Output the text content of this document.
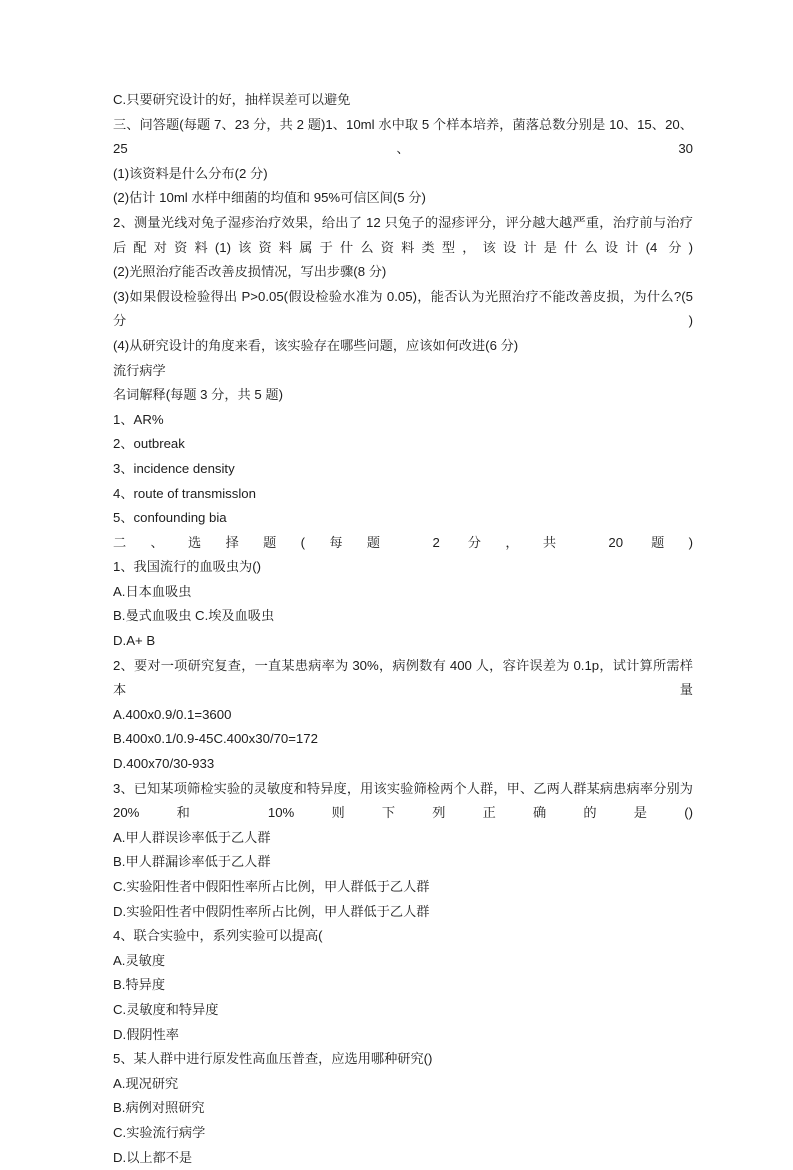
C.只要研究设计的好，抽样误差可以避免
三、问答题(每题 7、23 分，共 2 题)1、10ml 水中取 5 个样本培养，菌落总数分别是 10、15、20、25、30
(1)该资料是什么分布(2 分)
(2)估计 10ml 水样中细菌的均值和 95%可信区间(5 分)
2、测量光线对兔子湿疹治疗效果，给出了 12 只兔子的湿疹评分，评分越大越严重，治疗前与治疗后配对资料(1)该资料属于什么资料类型，该设计是什么设计(4 分)
(2)光照治疗能否改善皮损情况，写出步骤(8 分)
(3)如果假设检验得出 P>0.05(假设检验水准为 0.05)，能否认为光照治疗不能改善皮损，为什么?(5 分)
(4)从研究设计的角度来看，该实验存在哪些问题，应该如何改进(6 分)
流行病学
名词解释(每题 3 分，共 5 题)
1、AR%
2、outbreak
3、incidence density
4、route of transmisslon
5、confounding bia
二、选择题(每题 2 分，共 20 题)
1、我国流行的血吸虫为()
A.日本血吸虫
B.曼式血吸虫 C.埃及血吸虫
D.A+ B
2、要对一项研究复查，一直某患病率为 30%，病例数有 400 人，容许误差为 0.1p，试计算所需样本量
A.400x0.9/0.1=3600
B.400x0.1/0.9-45C.400x30/70=172
D.400x70/30-933
3、已知某项筛检实验的灵敏度和特异度，用该实验筛检两个人群，甲、乙两人群某病患病率分别为 20%和 10%则下列正确的是()
A.甲人群误诊率低于乙人群
B.甲人群漏诊率低于乙人群
C.实验阳性者中假阳性率所占比例，甲人群低于乙人群
D.实验阳性者中假阴性率所占比例，甲人群低于乙人群
4、联合实验中，系列实验可以提高(
A.灵敏度
B.特异度
C.灵敏度和特异度
D.假阴性率
5、某人群中进行原发性高血压普查，应选用哪种研究()
A.现况研究
B.病例对照研究
C.实验流行病学
D.以上都不是
